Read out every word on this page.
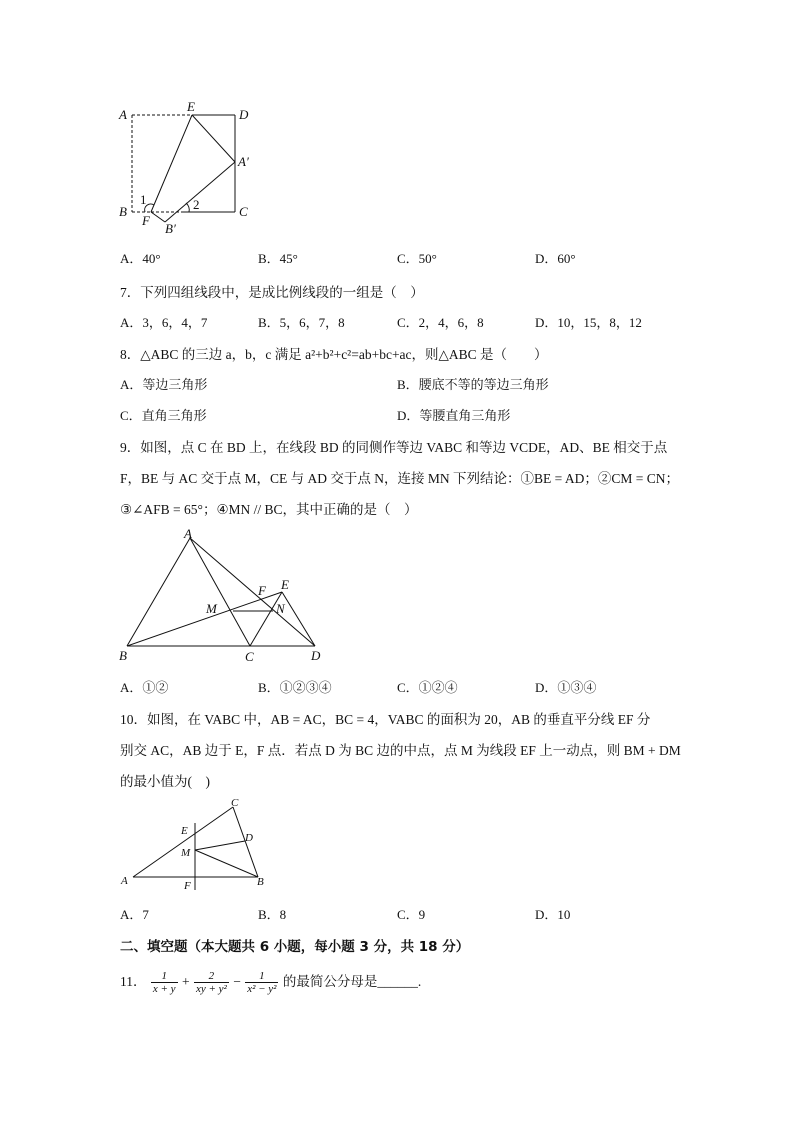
A
E
D
A′
B
1
F
2
B′
C
A．40°	B．45°	C．50°	D．60°
7．下列四组线段中，是成比例线段的一组是（　）
A．3，6，4，7	B．5，6，7，8	C．2，4，6，8	D．10，15，8，12
8．△ABC 的三边 a，b，c 满足 a²+b²+c²=ab+bc+ac，则△ABC 是（　　）
A．等边三角形	B．腰底不等的等边三角形
C．直角三角形	D．等腰直角三角形
9．如图，点 C 在 BD 上，在线段 BD 的同侧作等边 VABC 和等边 VCDE，AD、BE 相交于点
F，BE 与 AC 交于点 M，CE 与 AD 交于点 N，连接 MN 下列结论：①BE = AD；②CM = CN；
③∠AFB = 65°；④MN // BC，其中正确的是（　）
A
E
F
M	N
B	C	D
A．①②	B．①②③④	C．①②④	D．①③④
10．如图，在 VABC 中，AB = AC，BC = 4，VABC 的面积为 20，AB 的垂直平分线 EF 分
别交 AC，AB 边于 E，F 点．若点 D 为 BC 边的中点，点 M 为线段 EF 上一动点，则 BM + DM
的最小值为(　)
C
E
D
M
A	F	B
A．7	B．8	C．9	D．10
二、填空题（本大题共 6 小题，每小题 3 分，共 18 分）
11． $\frac{1}{x + y} + \frac{2}{\text{xy + y²}} - \frac{1}{\text{x² − y²}}$ 的最简公分母是______.
